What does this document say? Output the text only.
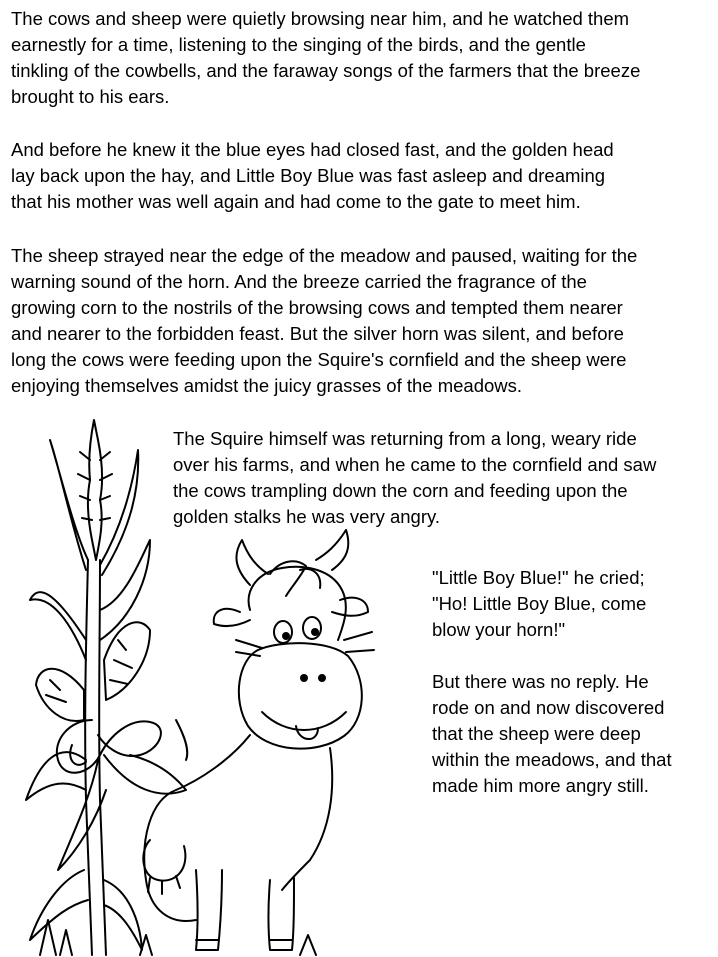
The cows and sheep were quietly browsing near him, and he watched them
earnestly for a time, listening to the singing of the birds, and the gentle
tinkling of the cowbells, and the faraway songs of the farmers that the breeze
brought to his ears.
And before he knew it the blue eyes had closed fast, and the golden head
lay back upon the hay, and Little Boy Blue was fast asleep and dreaming
that his mother was well again and had come to the gate to meet him.
The sheep strayed near the edge of the meadow and paused, waiting for the
warning sound of the horn. And the breeze carried the fragrance of the
growing corn to the nostrils of the browsing cows and tempted them nearer
and nearer to the forbidden feast. But the silver horn was silent, and before
long the cows were feeding upon the Squire's cornfield and the sheep were
enjoying themselves amidst the juicy grasses of the meadows.
The Squire himself was returning from a long, weary ride
over his farms, and when he came to the cornfield and saw
the cows trampling down the corn and feeding upon the
golden stalks he was very angry.
"Little Boy Blue!" he cried;
"Ho! Little Boy Blue, come
blow your horn!"
But there was no reply. He
rode on and now discovered
that the sheep were deep
within the meadows, and that
made him more angry still.
